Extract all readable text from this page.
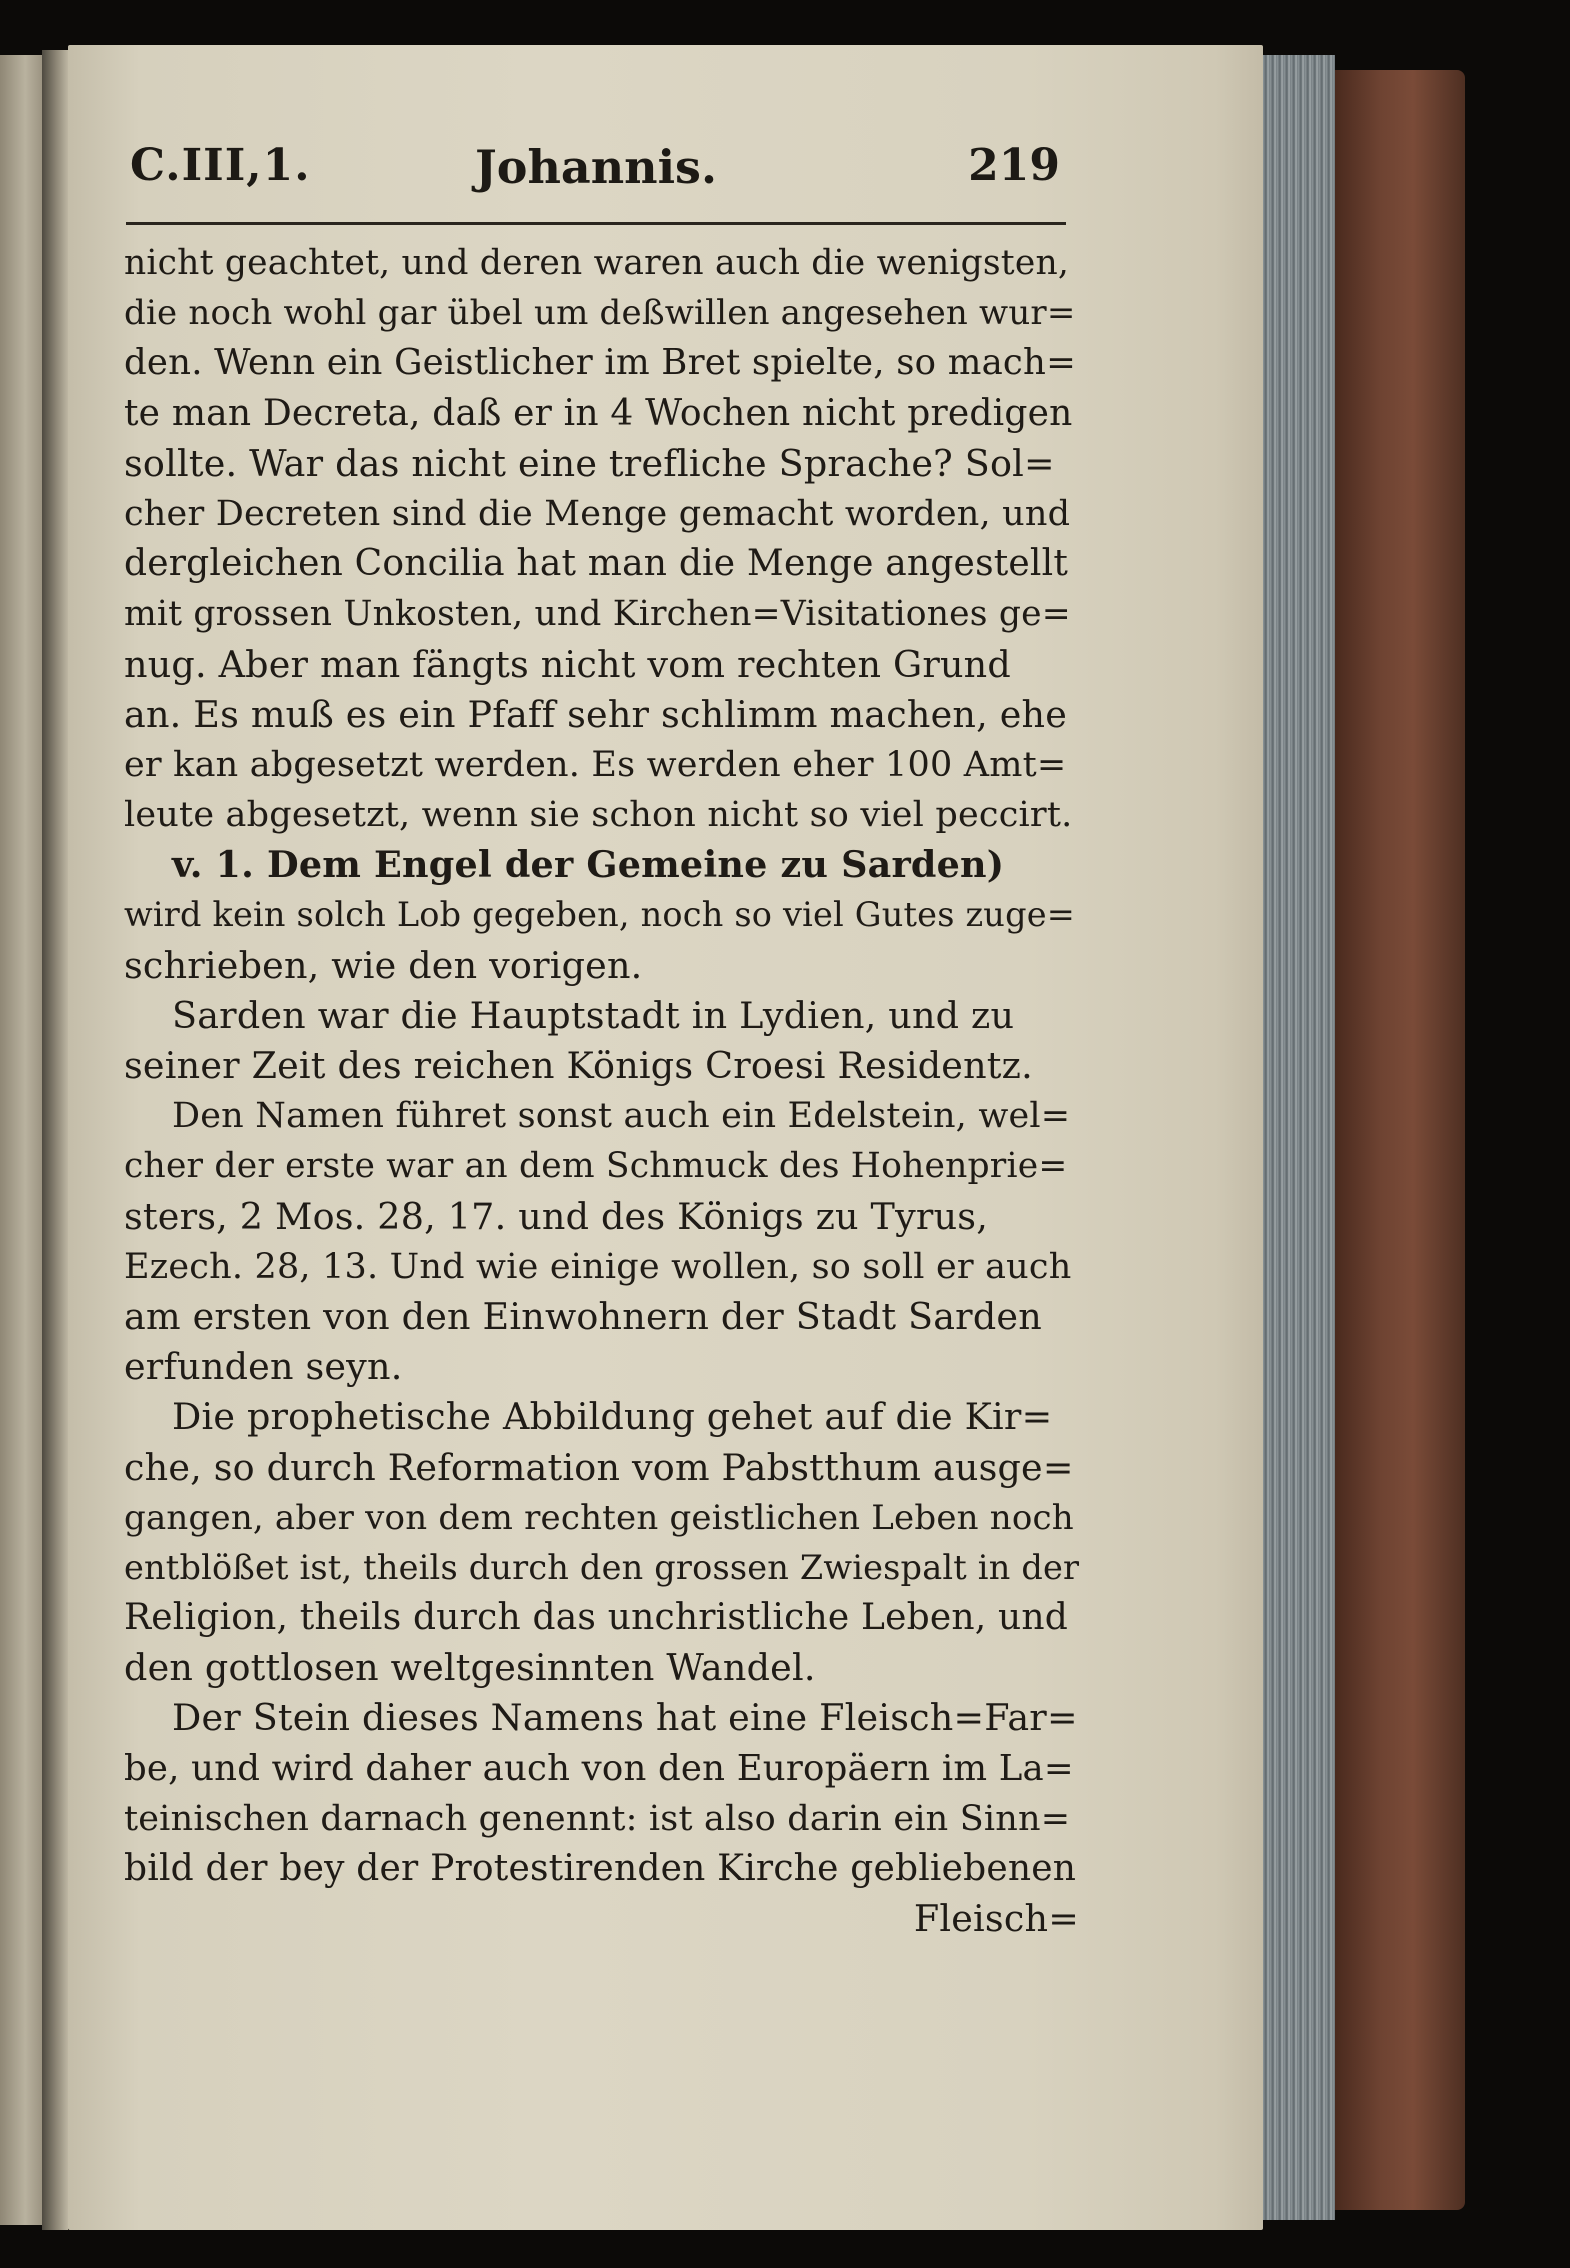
C.III,1.	Johannis.	219
nicht geachtet, und deren waren auch die wenigsten,
die noch wohl gar übel um deßwillen angesehen wur=
den. Wenn ein Geistlicher im Bret spielte, so mach=
te man Decreta, daß er in 4 Wochen nicht predigen
sollte. War das nicht eine trefliche Sprache? Sol=
cher Decreten sind die Menge gemacht worden, und
dergleichen Concilia hat man die Menge angestellt
mit grossen Unkosten, und Kirchen=Visitationes ge=
nug. Aber man fängts nicht vom rechten Grund
an. Es muß es ein Pfaff sehr schlimm machen, ehe
er kan abgesetzt werden. Es werden eher 100 Amt=
leute abgesetzt, wenn sie schon nicht so viel peccirt.
v. 1. Dem Engel der Gemeine zu Sarden)
wird kein solch Lob gegeben, noch so viel Gutes zuge=
schrieben, wie den vorigen.
Sarden war die Hauptstadt in Lydien, und zu
seiner Zeit des reichen Königs Croesi Residentz.
Den Namen führet sonst auch ein Edelstein, wel=
cher der erste war an dem Schmuck des Hohenprie=
sters, 2 Mos. 28, 17. und des Königs zu Tyrus,
Ezech. 28, 13. Und wie einige wollen, so soll er auch
am ersten von den Einwohnern der Stadt Sarden
erfunden seyn.
Die prophetische Abbildung gehet auf die Kir=
che, so durch Reformation vom Pabstthum ausge=
gangen, aber von dem rechten geistlichen Leben noch
entblößet ist, theils durch den grossen Zwiespalt in der
Religion, theils durch das unchristliche Leben, und
den gottlosen weltgesinnten Wandel.
Der Stein dieses Namens hat eine Fleisch=Far=
be, und wird daher auch von den Europäern im La=
teinischen darnach genennt: ist also darin ein Sinn=
bild der bey der Protestirenden Kirche gebliebenen
Fleisch=
